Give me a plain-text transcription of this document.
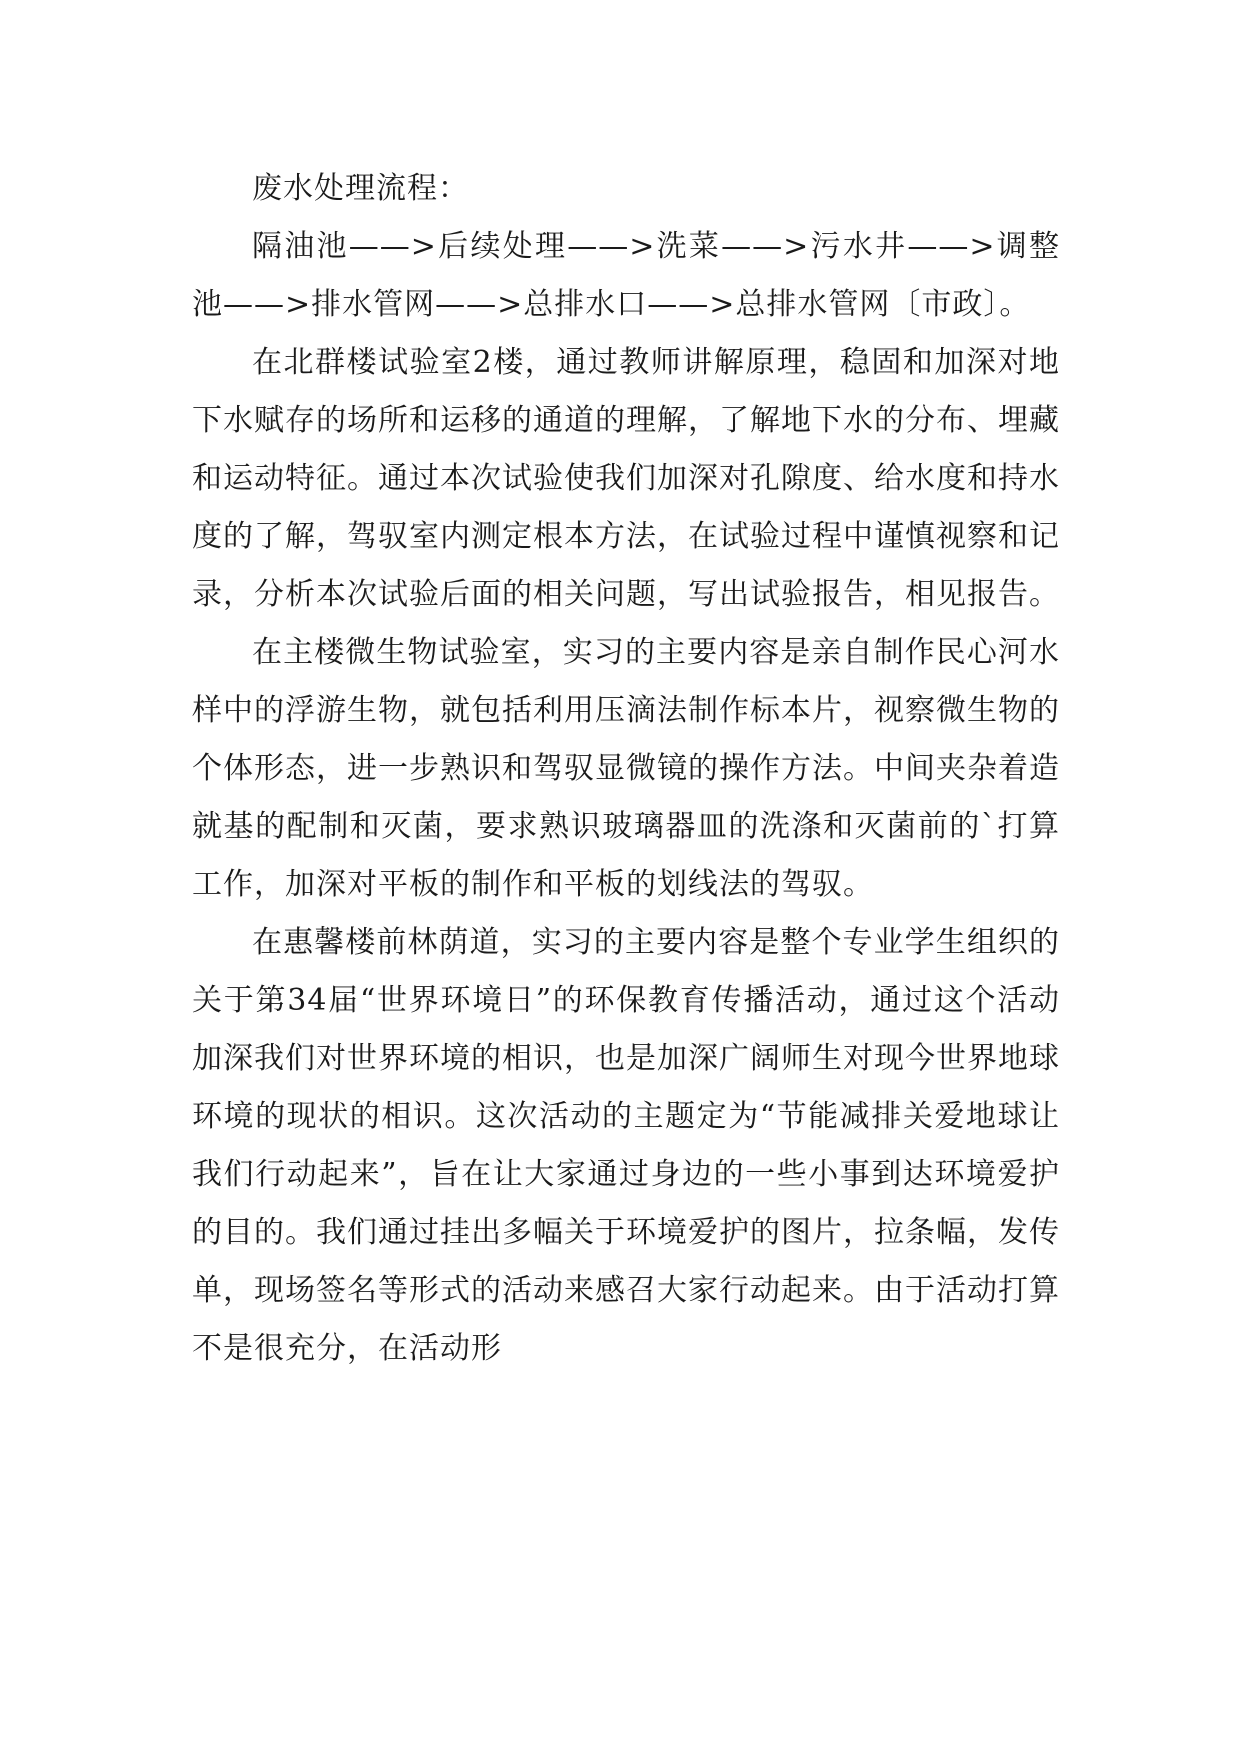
废水处理流程：

隔油池——>后续处理——>洗菜——>污水井——>调整池——>排水管网——>总排水口——>总排水管网〔市政〕。

在北群楼试验室2楼，通过教师讲解原理，稳固和加深对地下水赋存的场所和运移的通道的理解，了解地下水的分布、埋藏和运动特征。通过本次试验使我们加深对孔隙度、给水度和持水度的了解，驾驭室内测定根本方法，在试验过程中谨慎视察和记录，分析本次试验后面的相关问题，写出试验报告，相见报告。

在主楼微生物试验室，实习的主要内容是亲自制作民心河水样中的浮游生物，就包括利用压滴法制作标本片，视察微生物的个体形态，进一步熟识和驾驭显微镜的操作方法。中间夹杂着造就基的配制和灭菌，要求熟识玻璃器皿的洗涤和灭菌前的`打算工作，加深对平板的制作和平板的划线法的驾驭。

在惠馨楼前林荫道，实习的主要内容是整个专业学生组织的关于第34届“世界环境日”的环保教育传播活动，通过这个活动加深我们对世界环境的相识，也是加深广阔师生对现今世界地球环境的现状的相识。这次活动的主题定为“节能减排关爱地球让我们行动起来”，旨在让大家通过身边的一些小事到达环境爱护的目的。我们通过挂出多幅关于环境爱护的图片，拉条幅，发传单，现场签名等形式的活动来感召大家行动起来。由于活动打算不是很充分，在活动形
